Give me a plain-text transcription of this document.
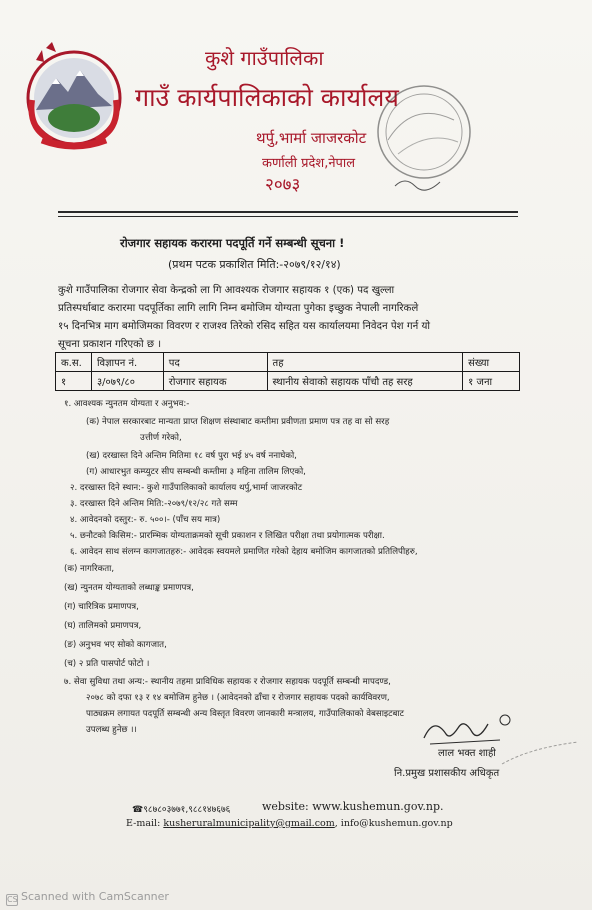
कुशे गाउँपालिका
गाउँ कार्यपालिकाको कार्यालय
थर्पु,भार्मा जाजरकोट
कर्णाली प्रदेश,नेपाल
२०७३
रोजगार सहायक करारमा पदपूर्ति गर्ने सम्बन्धी सूचना !
(प्रथम पटक प्रकाशित मिति:-२०७९/१२/१४)
कुशे गाउँपालिका रोजगार सेवा केन्द्रको ला गि आवश्यक रोजगार सहायक १ (एक) पद खुल्ला
प्रतिस्पर्धाबाट करारमा पदपूर्तिका लागि लागि निम्न बमोजिम योग्यता पुगेका इच्छुक नेपाली नागरिकले
१५ दिनभित्र माग बमोजिमका विवरण र राजश्व तिरेको रसिद सहित यस कार्यालयमा निवेदन पेश गर्न यो
सूचना प्रकाशन गरिएको छ ।
क.स.	विज्ञापन नं.	पद	तह	संख्या
१	३/०७९/८०	रोजगार सहायक	स्थानीय सेवाको सहायक पाँचौ तह सरह	१ जना
१. आवश्यक न्युनतम योग्यता र अनुभव:-
(क) नेपाल सरकारबाट मान्यता प्राप्त शिक्षण संस्थाबाट कम्तीमा प्रवीणता प्रमाण पत्र तह वा सो सरह
उत्तीर्ण गरेको,
(ख) दरखास्त दिने अन्तिम मितिमा १८ वर्ष पुरा भई ४५ वर्ष ननाघेको,
(ग) आधारभुत कम्प्युटर सीप सम्बन्धी कम्तीमा ३ महिना तालिम लिएको,
२. दरखास्त दिने स्थान:- कुशे गाउँपालिकाको कार्यालय थर्पु,भार्मा जाजरकोट
३. दरखास्त दिने अन्तिम मिति:-२०७९/१२/२८ गते सम्म
४. आवेदनको दस्तुर:- रु. ५००।- (पाँच सय मात्र)
५. छनौटको किसिम:- प्रारम्भिक योग्यताक्रमको सूची प्रकाशन र लिखित परीक्षा तथा प्रयोगात्मक परीक्षा.
६. आवेदन साथ संलग्न कागजातहरु:- आवेदक स्वयमले प्रमाणित गरेको देहाय बमोजिम कागजातको प्रतिलिपीहरु,
(क) नागरिकता,
(ख) न्युनतम योग्यताको लब्धाङ्क प्रमाणपत्र,
(ग) चारित्रिक प्रमाणपत्र,
(घ) तालिमको प्रमाणपत्र,
(ङ) अनुभव भए सोको कागजात,
(च) २ प्रति पासपोर्ट फोटो ।
७. सेवा सुविधा तथा अन्य:- स्थानीय तहमा प्राविधिक सहायक र रोजगार सहायक पदपूर्ति सम्बन्धी मापदण्ड,
२०७८ को दफा १३ र १४ बमोजिम हुनेछ । (आवेदनको ढाँचा र रोजगार सहायक पदको कार्यविवरण,
पाठ्यक्रम लगायत पदपूर्ति सम्बन्धी अन्य विस्तृत विवरण जानकारी मन्त्रालय, गाउँपालिकाको वेबसाइटबाट
उपलब्ध हुनेछ ।।
लाल भक्त शाही
नि.प्रमुख प्रशासकीय अधिकृत
☎९८७८०३७७१,९८८१४७६७६	website: www.kushemun.gov.np.
E-mail: kusheruralmunicipality@gmail.com, info@kushemun.gov.np
CS Scanned with CamScanner
